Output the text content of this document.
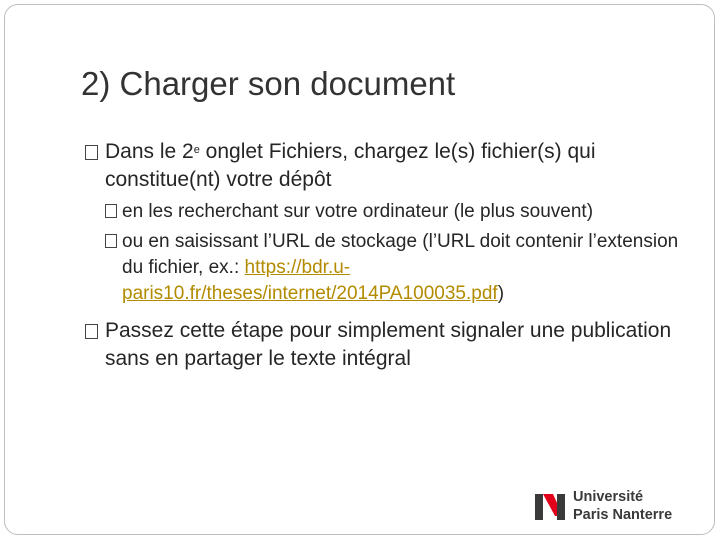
2) Charger son document
Dans le 2e onglet Fichiers, chargez le(s) fichier(s) qui constitue(nt) votre dépôt
en les recherchant sur votre ordinateur (le plus souvent)
ou en saisissant l’URL de stockage (l’URL doit contenir l’extension du fichier, ex.: https://bdr.u-paris10.fr/theses/internet/2014PA100035.pdf)
Passez cette étape pour simplement signaler une publication sans en partager le texte intégral
Université
Paris Nanterre
